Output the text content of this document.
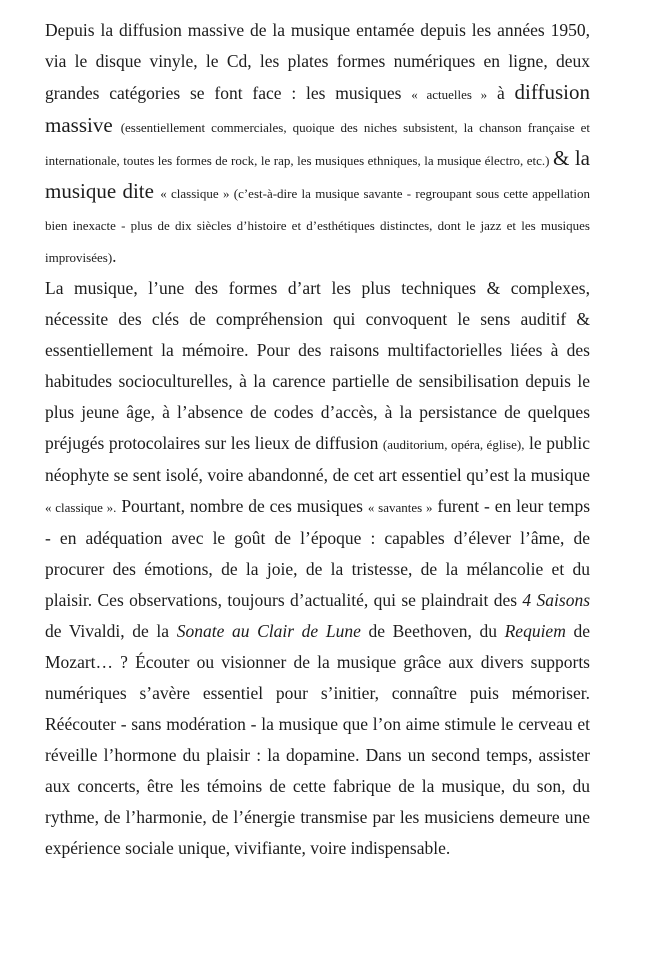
Depuis la diffusion massive de la musique entamée depuis les années 1950, via le disque vinyle, le Cd, les plates formes numériques en ligne, deux grandes catégories se font face : les musiques « actuelles » à diffusion massive (essentiellement commerciales, quoique des niches subsistent, la chanson française et internationale, toutes les formes de rock, le rap, les musiques ethniques, la musique électro, etc.) & la musique dite « classique » (c’est-à-dire la musique savante - regroupant sous cette appellation bien inexacte - plus de dix siècles d’histoire et d’esthétiques distinctes, dont le jazz et les musiques improvisées).

La musique, l’une des formes d’art les plus techniques & complexes, nécessite des clés de compréhension qui convoquent le sens auditif & essentiellement la mémoire. Pour des raisons multifactorielles liées à des habitudes socioculturelles, à la carence partielle de sensibilisation depuis le plus jeune âge, à l’absence de codes d’accès, à la persistance de quelques préjugés protocolaires sur les lieux de diffusion (auditorium, opéra, église), le public néophyte se sent isolé, voire abandonné, de cet art essentiel qu’est la musique « classique ». Pourtant, nombre de ces musiques « savantes » furent - en leur temps - en adéquation avec le goût de l’époque : capables d’élever l’âme, de procurer des émotions, de la joie, de la tristesse, de la mélancolie et du plaisir. Ces observations, toujours d’actualité, qui se plaindrait des 4 Saisons de Vivaldi, de la Sonate au Clair de Lune de Beethoven, du Requiem de Mozart… ? Écouter ou visionner de la musique grâce aux divers supports numériques s’avère essentiel pour s’initier, connaître puis mémoriser. Réécouter - sans modération - la musique que l’on aime stimule le cerveau et réveille l’hormone du plaisir : la dopamine. Dans un second temps, assister aux concerts, être les témoins de cette fabrique de la musique, du son, du rythme, de l’harmonie, de l’énergie transmise par les musiciens demeure une expérience sociale unique, vivifiante, voire indispensable.
